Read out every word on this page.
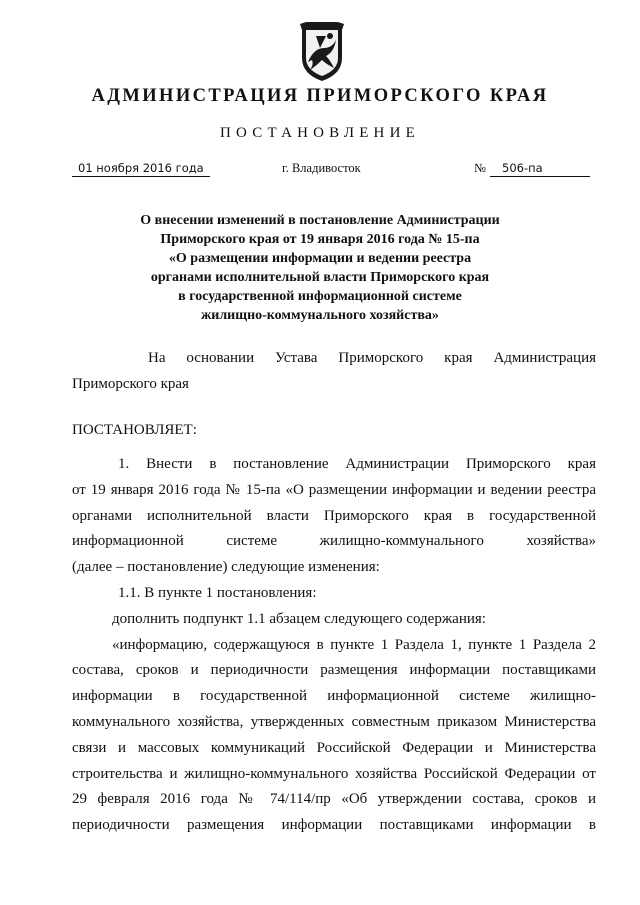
АДМИНИСТРАЦИЯ ПРИМОРСКОГО КРАЯ
ПОСТАНОВЛЕНИЕ
01 ноября 2016 года	г. Владивосток	№	506-па
О внесении изменений в постановление Администрации
Приморского края от 19 января 2016 года № 15-па
«О размещении информации и ведении реестра
органами исполнительной власти Приморского края
в государственной информационной системе
жилищно-коммунального хозяйства»
На основании Устава Приморского края Администрация
Приморского края
ПОСТАНОВЛЯЕТ:
1. Внести в постановление Администрации Приморского края
от 19 января 2016 года № 15-па «О размещении информации и ведении реестра
органами исполнительной власти Приморского края в государственной
информационной системе жилищно-коммунального хозяйства»
(далее – постановление) следующие изменения:
1.1. В пункте 1 постановления:
дополнить подпункт 1.1 абзацем следующего содержания:
«информацию, содержащуюся в пункте 1 Раздела 1, пункте 1 Раздела 2
состава, сроков и периодичности размещения информации поставщиками
информации в государственной информационной системе жилищно-
коммунального хозяйства, утвержденных совместным приказом Министерства
связи и массовых коммуникаций Российской Федерации и Министерства
строительства и жилищно-коммунального хозяйства Российской Федерации от
29 февраля 2016 года № 74/114/пр «Об утверждении состава, сроков и
периодичности размещения информации поставщиками информации в
